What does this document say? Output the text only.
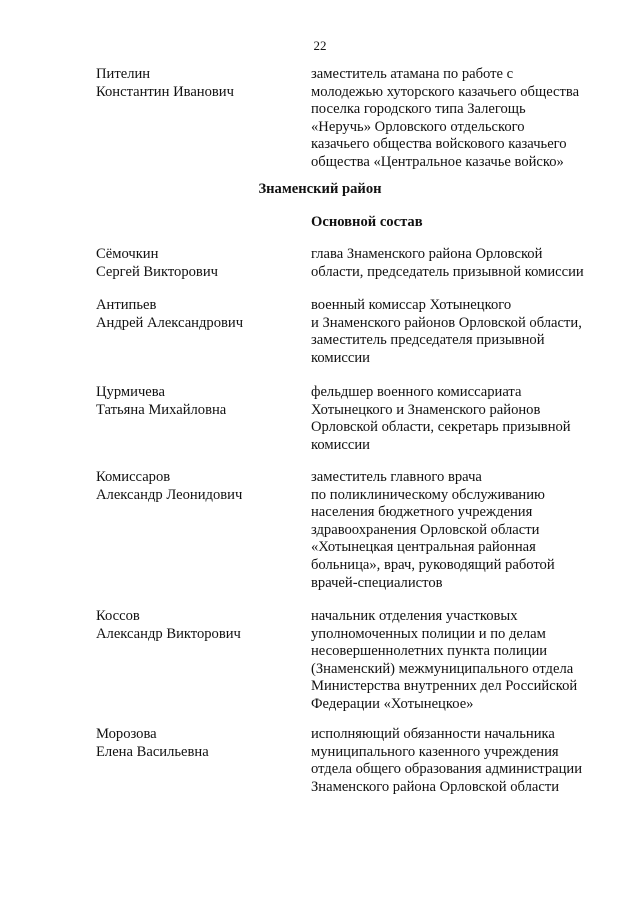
22
Пителин
Константин Иванович
заместитель атамана по работе с
молодежью хуторского казачьего общества
поселка городского типа Залегощь
«Неручь» Орловского отдельского
казачьего общества войскового казачьего
общества «Центральное казачье войско»
Знаменский район
Основной состав
Сёмочкин
Сергей Викторович
глава Знаменского района Орловской
области, председатель призывной комиссии
Антипьев
Андрей Александрович
военный комиссар Хотынецкого
и Знаменского районов Орловской области,
заместитель председателя призывной
комиссии
Цурмичева
Татьяна Михайловна
фельдшер военного комиссариата
Хотынецкого и Знаменского районов
Орловской области, секретарь призывной
комиссии
Комиссаров
Александр Леонидович
заместитель главного врача
по поликлиническому обслуживанию
населения бюджетного учреждения
здравоохранения Орловской области
«Хотынецкая центральная районная
больница», врач, руководящий работой
врачей-специалистов
Коссов
Александр Викторович
начальник отделения участковых
уполномоченных полиции и по делам
несовершеннолетних пункта полиции
(Знаменский) межмуниципального отдела
Министерства внутренних дел Российской
Федерации «Хотынецкое»
Морозова
Елена Васильевна
исполняющий обязанности начальника
муниципального казенного учреждения
отдела общего образования администрации
Знаменского района Орловской области
